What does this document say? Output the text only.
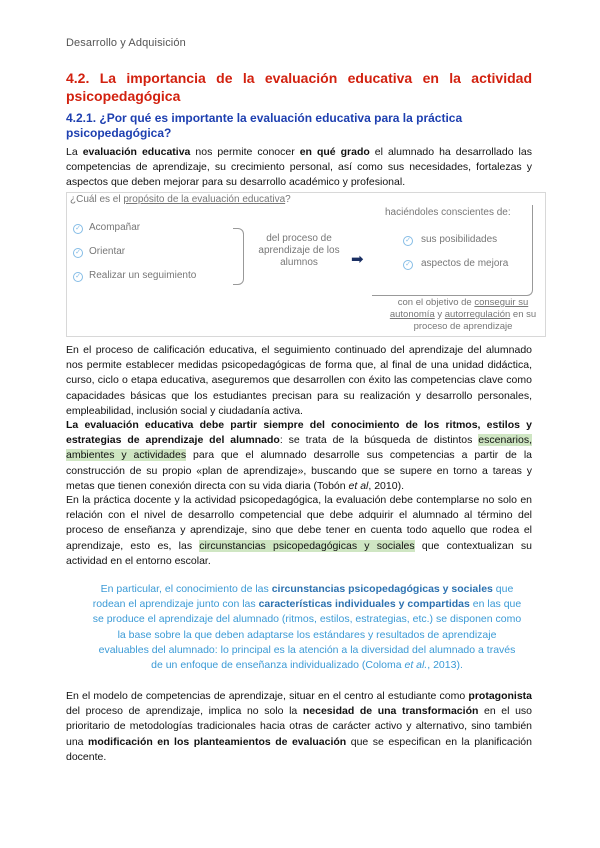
Desarrollo y Adquisición
4.2. La importancia de la evaluación educativa en la actividad psicopedagógica
4.2.1. ¿Por qué es importante la evaluación educativa para la práctica psicopedagógica?
La evaluación educativa nos permite conocer en qué grado el alumnado ha desarrollado las competencias de aprendizaje, su crecimiento personal, así como sus necesidades, fortalezas y aspectos que deben mejorar para su desarrollo académico y profesional.
¿Cuál es el propósito de la evaluación educativa?
✓ Acompañar
✓ Orientar
✓ Realizar un seguimiento
del proceso de aprendizaje de los alumnos	➡
haciéndoles conscientes de:
✓ sus posibilidades
✓ aspectos de mejora
con el objetivo de conseguir su autonomía y autorregulación en su proceso de aprendizaje
En el proceso de calificación educativa, el seguimiento continuado del aprendizaje del alumnado nos permite establecer medidas psicopedagógicas de forma que, al final de una unidad didáctica, curso, ciclo o etapa educativa, aseguremos que desarrollen con éxito las competencias clave como capacidades básicas que los estudiantes precisan para su realización y desarrollo personales, empleabilidad, inclusión social y ciudadanía activa.
La evaluación educativa debe partir siempre del conocimiento de los ritmos, estilos y estrategias de aprendizaje del alumnado: se trata de la búsqueda de distintos escenarios, ambientes y actividades para que el alumnado desarrolle sus competencias a partir de la construcción de su propio «plan de aprendizaje», buscando que se supere en torno a tareas y metas que tienen conexión directa con su vida diaria (Tobón et al, 2010).
En la práctica docente y la actividad psicopedagógica, la evaluación debe contemplarse no solo en relación con el nivel de desarrollo competencial que debe adquirir el alumnado al término del proceso de enseñanza y aprendizaje, sino que debe tener en cuenta todo aquello que rodea el aprendizaje, esto es, las circunstancias psicopedagógicas y sociales que contextualizan su actividad en el entorno escolar.
En particular, el conocimiento de las circunstancias psicopedagógicas y sociales que rodean el aprendizaje junto con las características individuales y compartidas en las que se produce el aprendizaje del alumnado (ritmos, estilos, estrategias, etc.) se disponen como la base sobre la que deben adaptarse los estándares y resultados de aprendizaje evaluables del alumnado: lo principal es la atención a la diversidad del alumnado a través de un enfoque de enseñanza individualizado (Coloma et al., 2013).
En el modelo de competencias de aprendizaje, situar en el centro al estudiante como protagonista del proceso de aprendizaje, implica no solo la necesidad de una transformación en el uso prioritario de metodologías tradicionales hacia otras de carácter activo y alternativo, sino también una modificación en los planteamientos de evaluación que se especifican en la planificación docente.
